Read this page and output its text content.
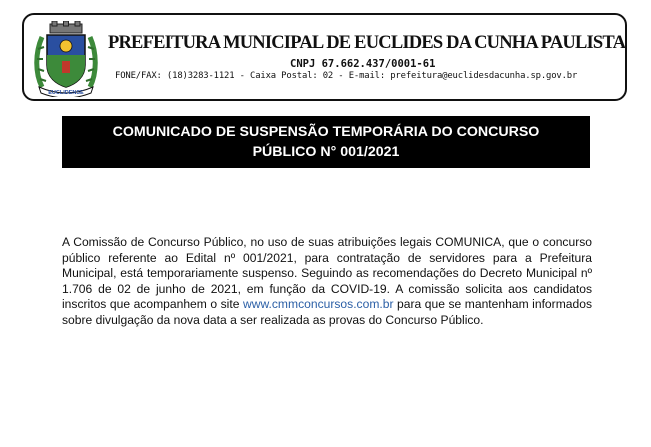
EUCLIDENSE
PREFEITURA MUNICIPAL DE EUCLIDES DA CUNHA PAULISTA
CNPJ 67.662.437/0001-61
FONE/FAX: (18)3283-1121 - Caixa Postal: 02 - E-mail: prefeitura@euclidesdacunha.sp.gov.br
COMUNICADO DE SUSPENSÃO TEMPORÁRIA DO CONCURSO
PÚBLICO N° 001/2021
A Comissão de Concurso Público, no uso de suas atribuições legais COMUNICA, que o concurso público referente ao Edital nº 001/2021, para contratação de servidores para a Prefeitura Municipal, está temporariamente suspenso. Seguindo as recomendações do Decreto Municipal nº 1.706 de 02 de junho de 2021, em função da COVID-19. A comissão solicita aos candidatos inscritos que acompanhem o site www.cmmconcursos.com.br para que se mantenham informados sobre divulgação da nova data a ser realizada as provas do Concurso Público.
